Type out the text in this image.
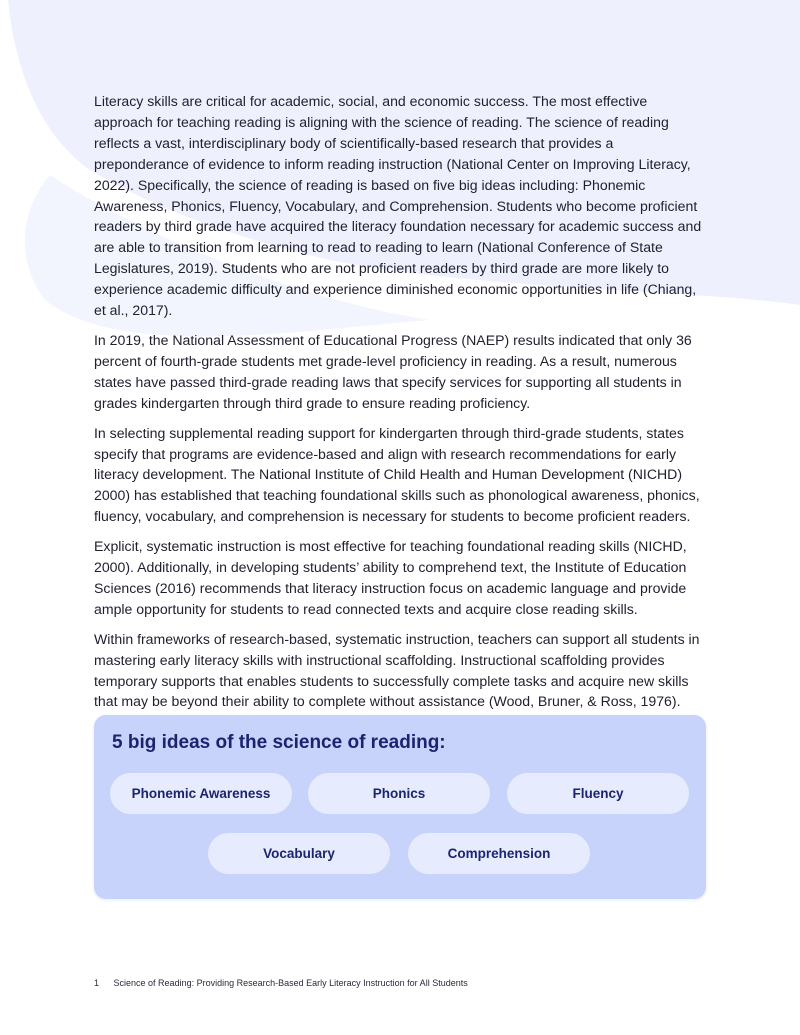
Literacy skills are critical for academic, social, and economic success. The most effective approach for teaching reading is aligning with the science of reading. The science of reading reflects a vast, interdisciplinary body of scientifically-based research that provides a preponderance of evidence to inform reading instruction (National Center on Improving Literacy, 2022). Specifically, the science of reading is based on five big ideas including: Phonemic Awareness, Phonics, Fluency, Vocabulary, and Comprehension. Students who become proficient readers by third grade have acquired the literacy foundation necessary for academic success and are able to transition from learning to read to reading to learn (National Conference of State Legislatures, 2019). Students who are not proficient readers by third grade are more likely to experience academic difficulty and experience diminished economic opportunities in life (Chiang, et al., 2017).

In 2019, the National Assessment of Educational Progress (NAEP) results indicated that only 36 percent of fourth-grade students met grade-level proficiency in reading. As a result, numerous states have passed third-grade reading laws that specify services for supporting all students in grades kindergarten through third grade to ensure reading proficiency.

In selecting supplemental reading support for kindergarten through third-grade students, states specify that programs are evidence-based and align with research recommendations for early literacy development. The National Institute of Child Health and Human Development (NICHD) 2000) has established that teaching foundational skills such as phonological awareness, phonics, fluency, vocabulary, and comprehension is necessary for students to become proficient readers.

Explicit, systematic instruction is most effective for teaching foundational reading skills (NICHD, 2000). Additionally, in developing students’ ability to comprehend text, the Institute of Education Sciences (2016) recommends that literacy instruction focus on academic language and provide ample opportunity for students to read connected texts and acquire close reading skills.

Within frameworks of research-based, systematic instruction, teachers can support all students in mastering early literacy skills with instructional scaffolding. Instructional scaffolding provides temporary supports that enables students to successfully complete tasks and acquire new skills that may be beyond their ability to complete without assistance (Wood, Bruner, & Ross, 1976).

5 big ideas of the science of reading:
Phonemic Awareness	Phonics	Fluency
Vocabulary	Comprehension
1 Science of Reading: Providing Research-Based Early Literacy Instruction for All Students
